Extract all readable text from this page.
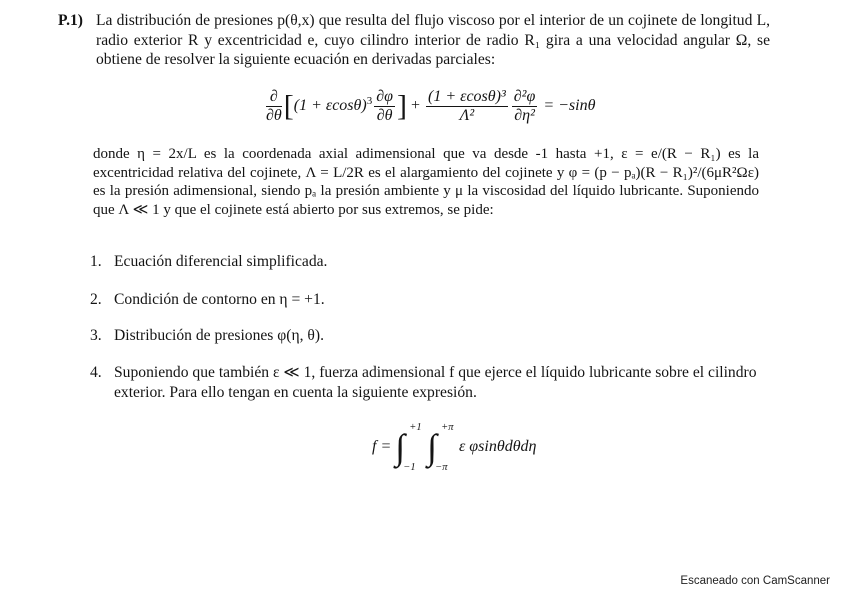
P.1) La distribución de presiones p(θ,x) que resulta del flujo viscoso por el interior de un cojinete de longitud L, radio exterior R y excentricidad e, cuyo cilindro interior de radio R₁ gira a una velocidad angular Ω, se obtiene de resolver la siguiente ecuación en derivadas parciales:
$\frac{\partial}{\partial\theta} [(1 + \varepsilon\cos\theta)^3 \frac{\partial\varphi}{\partial\theta}$ ] + $\frac{\text{(1 + εcosθ)³}}{\text{Λ²}} \frac{\text{∂²φ}}{\text{∂η²}} = -\sin\theta$
donde η = 2x/L es la coordenada axial adimensional que va desde -1 hasta +1, ε = e/(R − R₁) es la excentricidad relativa del cojinete, Λ = L/2R es el alargamiento del cojinete y φ = (p − pₐ)(R − R₁)²/(6μR²Ωε) es la presión adimensional, siendo pₐ la presión ambiente y μ la viscosidad del líquido lubricante. Suponiendo que Λ ≪ 1 y que el cojinete está abierto por sus extremos, se pide:
1. Ecuación diferencial simplificada.
2. Condición de contorno en η = +1.
3. Distribución de presiones φ(η, θ).
4. Suponiendo que también ε ≪ 1, fuerza adimensional f que ejerce el líquido lubricante sobre el cilindro exterior. Para ello tengan en cuenta la siguiente expresión.
f = ∫ +1
−1
∫ +π
−π
ε φsinθdθdη
Escaneado con CamScanner
